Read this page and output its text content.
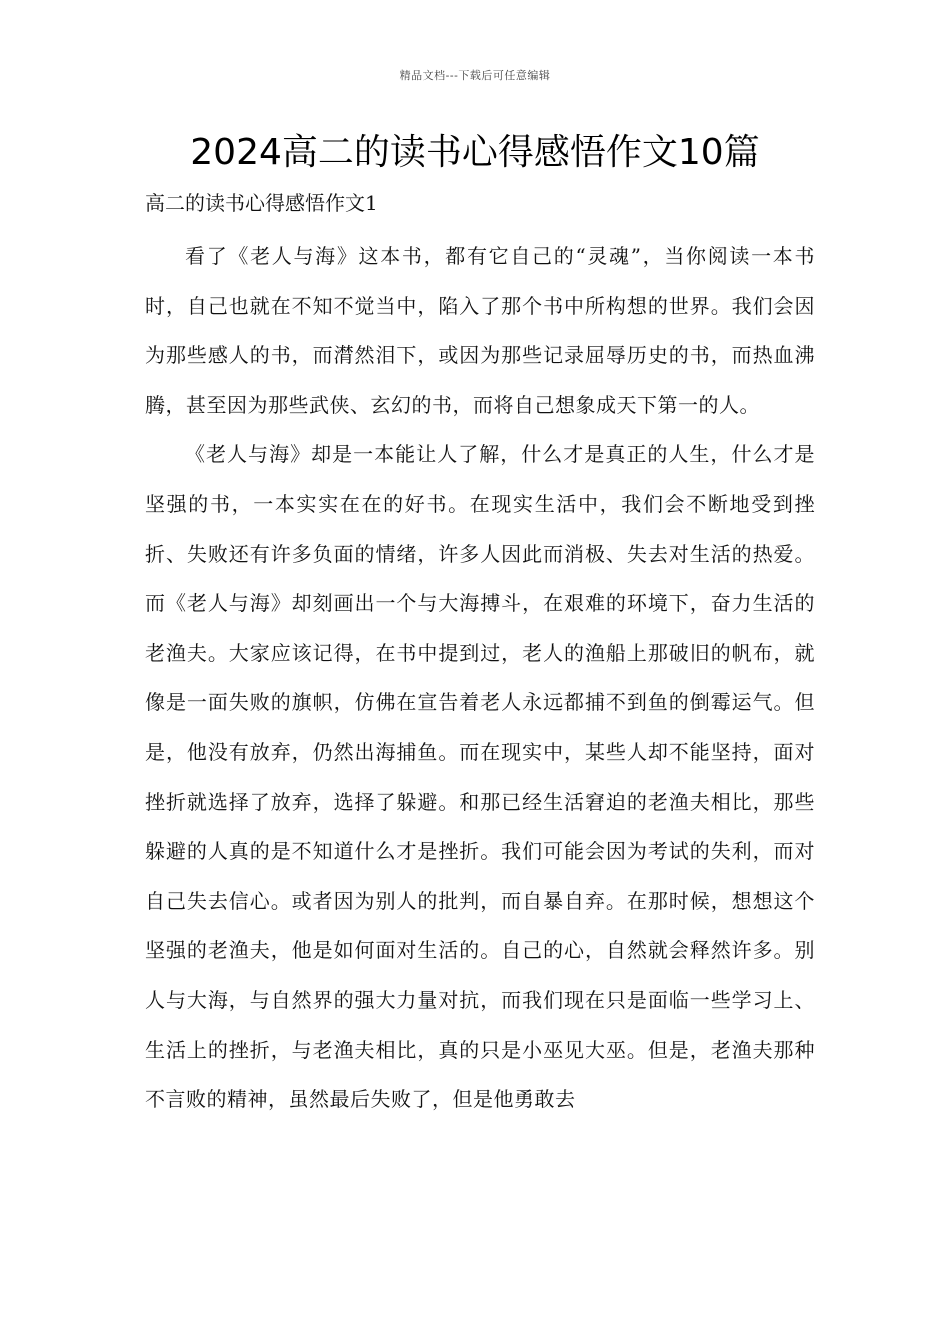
精品文档---下载后可任意编辑
2024高二的读书心得感悟作文10篇
高二的读书心得感悟作文1

看了《老人与海》这本书，都有它自己的“灵魂”，当你阅读一本书时，自己也就在不知不觉当中，陷入了那个书中所构想的世界。我们会因为那些感人的书，而潸然泪下，或因为那些记录屈辱历史的书，而热血沸腾，甚至因为那些武侠、玄幻的书，而将自己想象成天下第一的人。

《老人与海》却是一本能让人了解，什么才是真正的人生，什么才是坚强的书，一本实实在在的好书。在现实生活中，我们会不断地受到挫折、失败还有许多负面的情绪，许多人因此而消极、失去对生活的热爱。而《老人与海》却刻画出一个与大海搏斗，在艰难的环境下，奋力生活的老渔夫。大家应该记得，在书中提到过，老人的渔船上那破旧的帆布，就像是一面失败的旗帜，仿佛在宣告着老人永远都捕不到鱼的倒霉运气。但是，他没有放弃，仍然出海捕鱼。而在现实中，某些人却不能坚持，面对挫折就选择了放弃，选择了躲避。和那已经生活窘迫的老渔夫相比，那些躲避的人真的是不知道什么才是挫折。我们可能会因为考试的失利，而对自己失去信心。或者因为别人的批判，而自暴自弃。在那时候，想想这个坚强的老渔夫，他是如何面对生活的。自己的心，自然就会释然许多。别人与大海，与自然界的强大力量对抗，而我们现在只是面临一些学习上、生活上的挫折，与老渔夫相比，真的只是小巫见大巫。但是，老渔夫那种不言败的精神，虽然最后失败了，但是他勇敢去
